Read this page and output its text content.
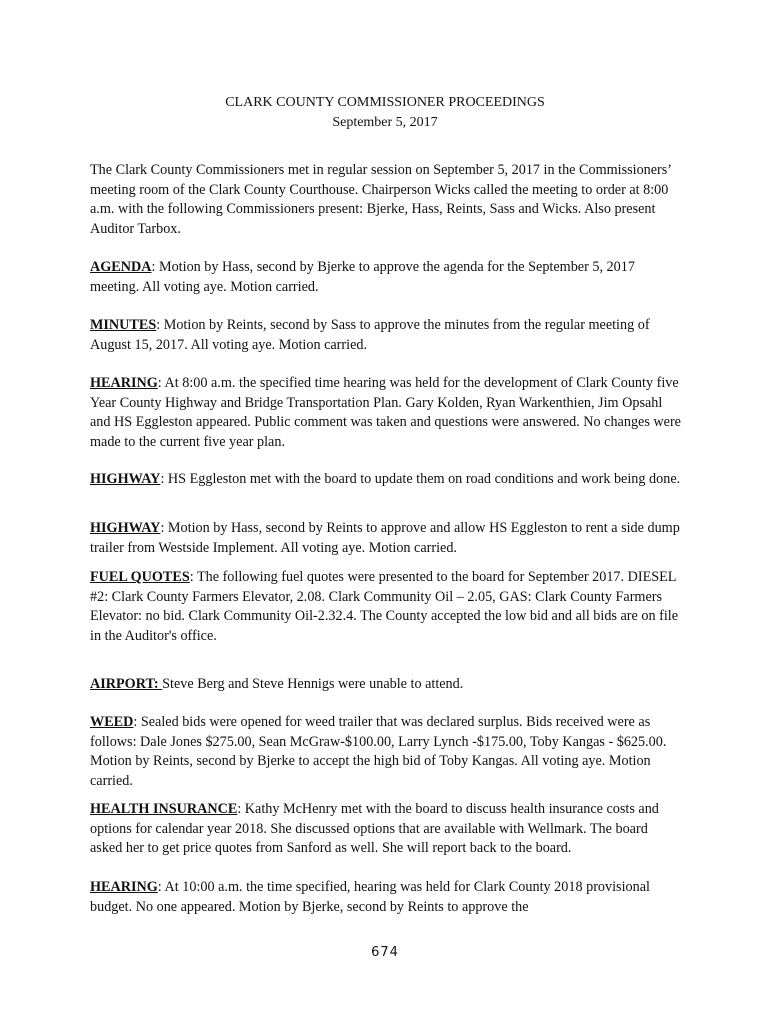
CLARK COUNTY COMMISSIONER PROCEEDINGS

September 5, 2017

The Clark County Commissioners met in regular session on September 5, 2017 in the Commissioners’ meeting room of the Clark County Courthouse. Chairperson Wicks called the meeting to order at 8:00 a.m. with the following Commissioners present: Bjerke, Hass, Reints, Sass and Wicks. Also present Auditor Tarbox.

AGENDA: Motion by Hass, second by Bjerke to approve the agenda for the September 5, 2017 meeting. All voting aye. Motion carried.

MINUTES: Motion by Reints, second by Sass to approve the minutes from the regular meeting of August 15, 2017. All voting aye. Motion carried.

HEARING: At 8:00 a.m. the specified time hearing was held for the development of Clark County five Year County Highway and Bridge Transportation Plan. Gary Kolden, Ryan Warkenthien, Jim Opsahl and HS Eggleston appeared. Public comment was taken and questions were answered. No changes were made to the current five year plan.

HIGHWAY: HS Eggleston met with the board to update them on road conditions and work being done.

HIGHWAY: Motion by Hass, second by Reints to approve and allow HS Eggleston to rent a side dump trailer from Westside Implement. All voting aye. Motion carried.

FUEL QUOTES: The following fuel quotes were presented to the board for September 2017. DIESEL #2: Clark County Farmers Elevator, 2.08. Clark Community Oil – 2.05, GAS: Clark County Farmers Elevator: no bid. Clark Community Oil-2.32.4. The County accepted the low bid and all bids are on file in the Auditor's office.

AIRPORT: Steve Berg and Steve Hennigs were unable to attend.

WEED: Sealed bids were opened for weed trailer that was declared surplus. Bids received were as follows: Dale Jones $275.00, Sean McGraw-$100.00, Larry Lynch -$175.00, Toby Kangas - $625.00. Motion by Reints, second by Bjerke to accept the high bid of Toby Kangas. All voting aye. Motion carried.

HEALTH INSURANCE: Kathy McHenry met with the board to discuss health insurance costs and options for calendar year 2018. She discussed options that are available with Wellmark. The board asked her to get price quotes from Sanford as well. She will report back to the board.

HEARING: At 10:00 a.m. the time specified, hearing was held for Clark County 2018 provisional budget. No one appeared. Motion by Bjerke, second by Reints to approve the

674
